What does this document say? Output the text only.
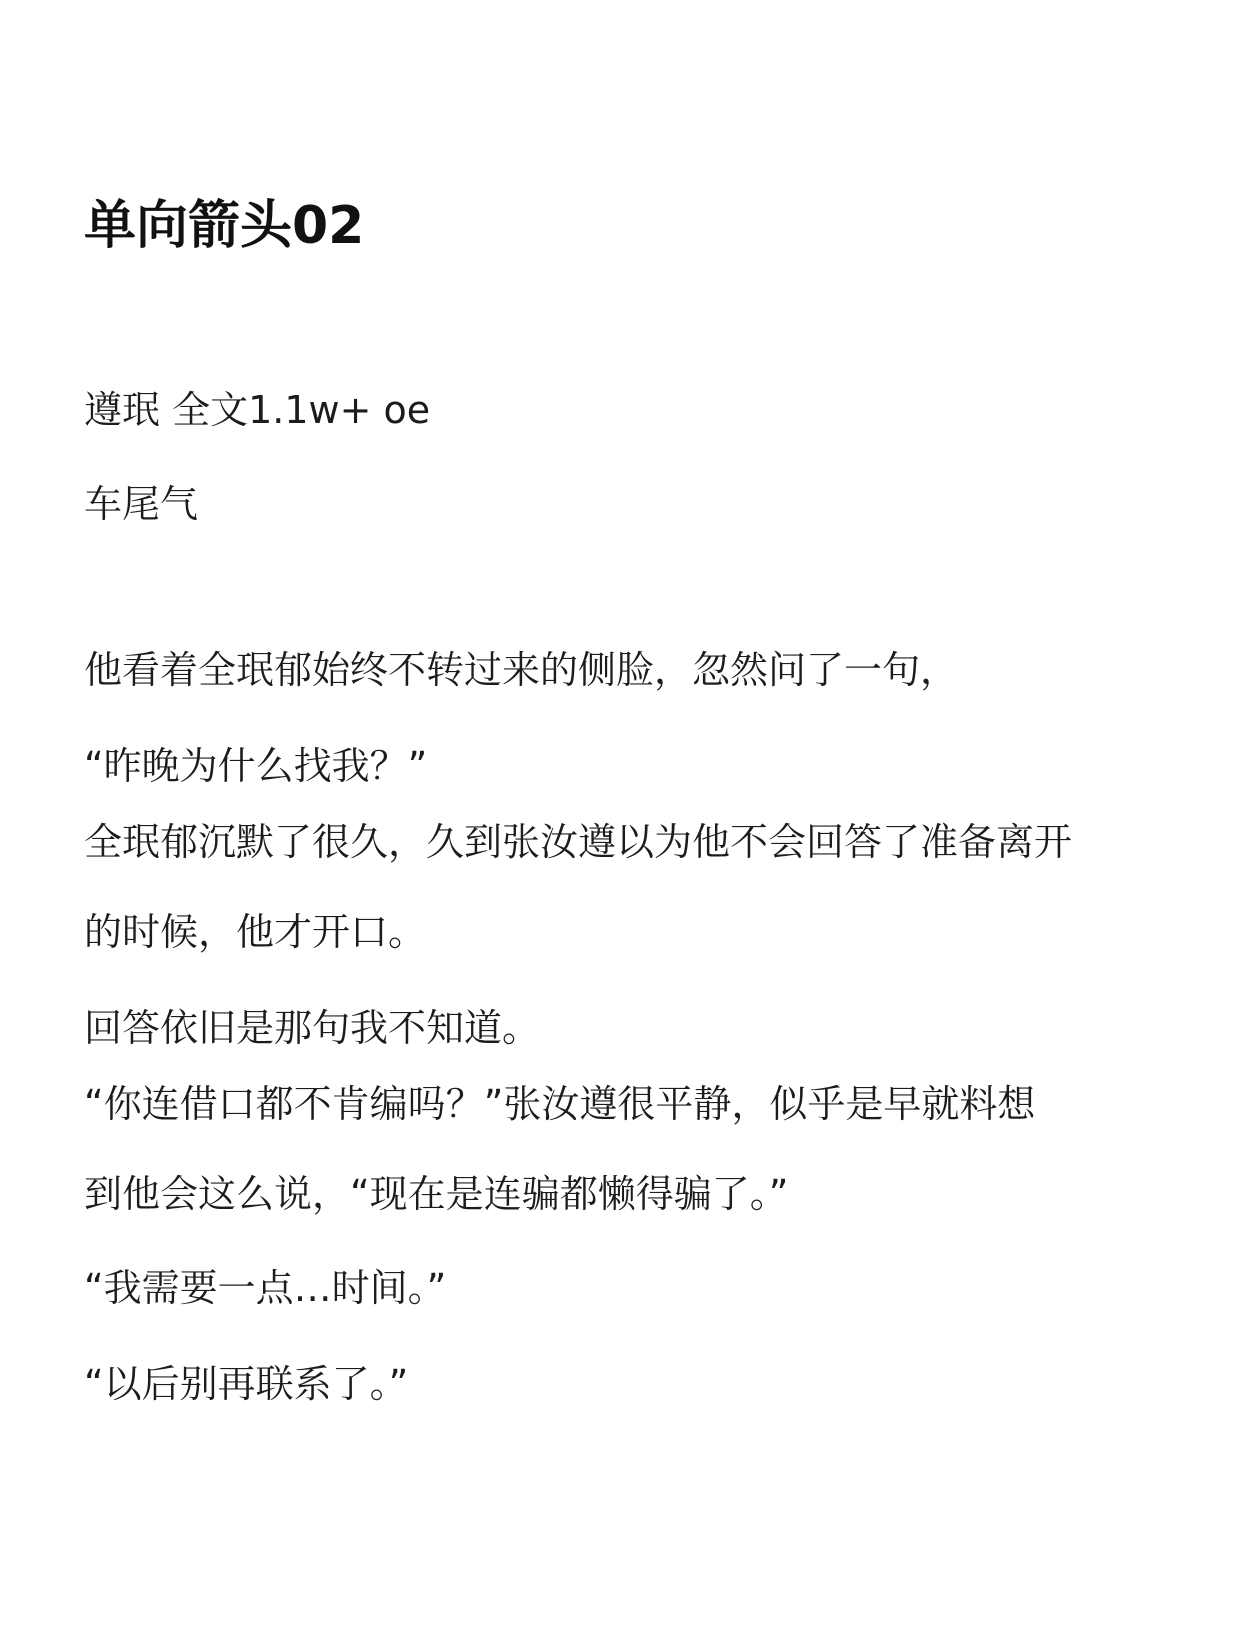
单向箭头02
遵珉 全文1.1w+ oe
车尾气
他看着全珉郁始终不转过来的侧脸，忽然问了一句，
“昨晚为什么找我？”
全珉郁沉默了很久，久到张汝遵以为他不会回答了准备离开
的时候，他才开口。
回答依旧是那句我不知道。
“你连借口都不肯编吗？”张汝遵很平静，似乎是早就料想
到他会这么说，“现在是连骗都懒得骗了。”
“我需要一点…时间。”
“以后别再联系了。”
